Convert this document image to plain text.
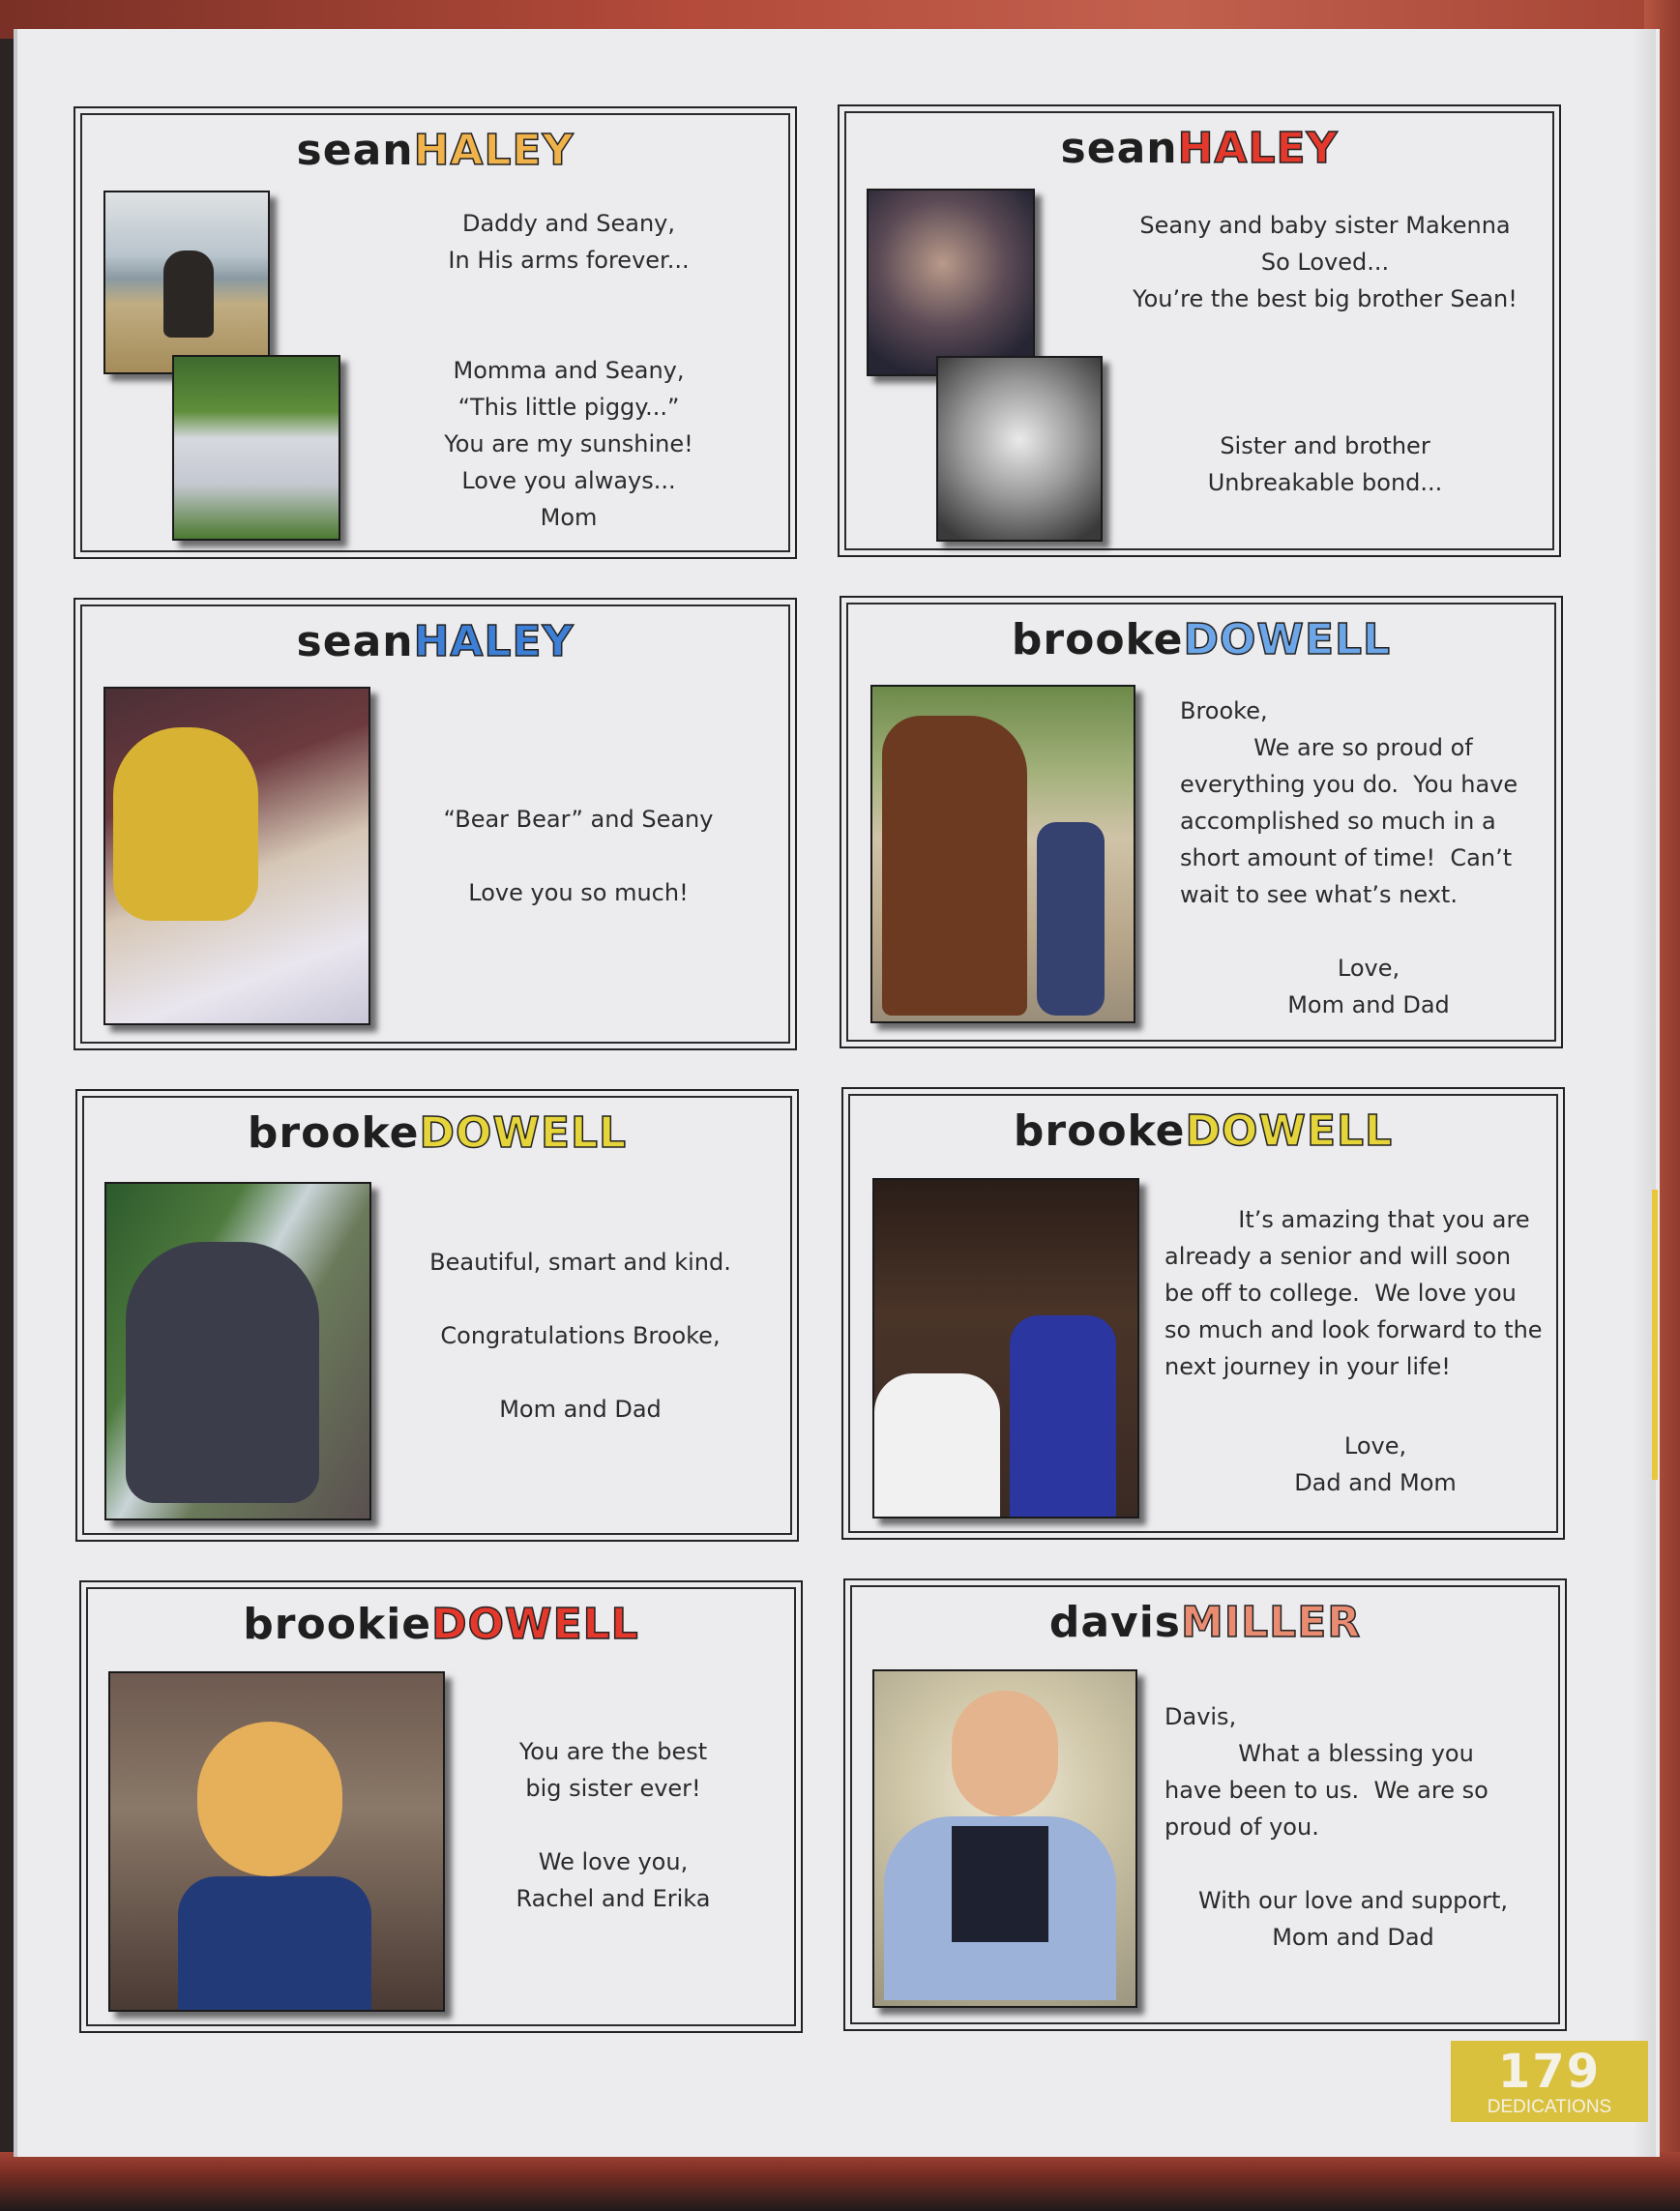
seanHALEY
Daddy and Seany,
In His arms forever...

Momma and Seany,
“This little piggy...”
You are my sunshine!
Love you always...
Mom
seanHALEY
Seany and baby sister Makenna
So Loved...
You’re the best big brother Sean!

Sister and brother
Unbreakable bond...
seanHALEY
“Bear Bear” and Seany

Love you so much!
brookeDOWELL
Brooke,
We are so proud of
everything you do.  You have
accomplished so much in a
short amount of time!  Can’t
wait to see what’s next.
Love,
Mom and Dad
brookeDOWELL
Beautiful, smart and kind.

Congratulations Brooke,

Mom and Dad
brookeDOWELL
It’s amazing that you are
already a senior and will soon
be off to college.  We love you
so much and look forward to the
next journey in your life!
Love,
Dad and Mom
brookieDOWELL
You are the best
big sister ever!

We love you,
Rachel and Erika
davisMILLER
Davis,
What a blessing you
have been to us.  We are so
proud of you.
With our love and support,
Mom and Dad
179
DEDICATIONS
